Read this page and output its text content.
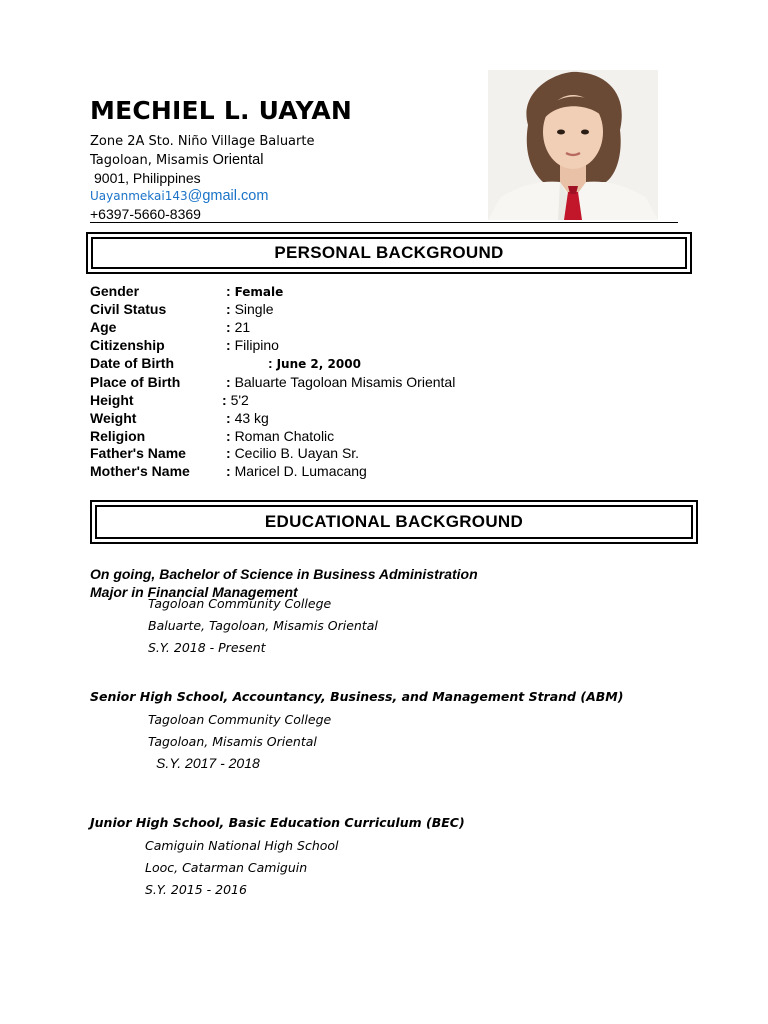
MECHIEL L. UAYAN
Zone 2A Sto. Niño Village Baluarte
Tagoloan, Misamis Oriental
9001, Philippines
Uayanmekai143@gmail.com
+6397-5660-8369
PERSONAL BACKGROUND
Gender	: Female
Civil Status	: Single
Age	: 21
Citizenship	: Filipino
Date of Birth	: June 2, 2000
Place of Birth	: Baluarte Tagoloan Misamis Oriental
Height	: 5'2
Weight	: 43 kg
Religion	: Roman Chatolic
Father's Name	: Cecilio B. Uayan Sr.
Mother's Name	: Maricel D. Lumacang
EDUCATIONAL BACKGROUND
On going, Bachelor of Science in Business Administration
Major in Financial Management
Tagoloan Community College
Baluarte, Tagoloan, Misamis Oriental
S.Y. 2018 - Present
Senior High School, Accountancy, Business, and Management Strand (ABM)
Tagoloan Community College
Tagoloan, Misamis Oriental
S.Y. 2017 - 2018
Junior High School, Basic Education Curriculum (BEC)
Camiguin National High School
Looc, Catarman Camiguin
S.Y. 2015 - 2016
